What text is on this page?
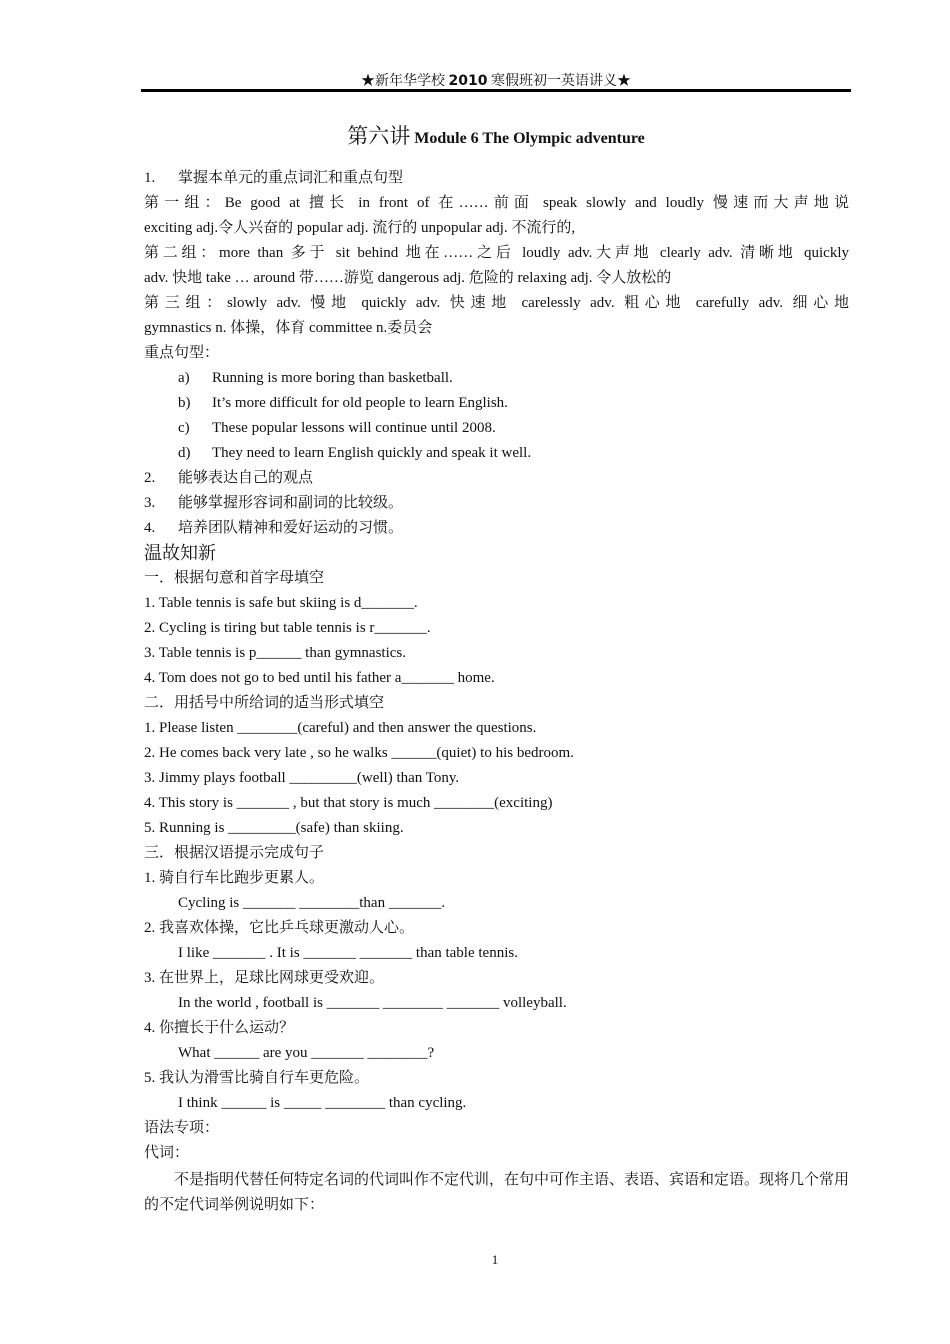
★新年华学校 2010 寒假班初一英语讲义★
第六讲 Module 6 The Olympic adventure
1. 掌握本单元的重点词汇和重点句型
第一组：Be good at 擅长 in front of 在……前面 speak slowly and loudly 慢速而大声地说
exciting adj.令人兴奋的 popular adj. 流行的 unpopular adj. 不流行的,
第二组：more than 多于 sit behind 地在……之后 loudly adv.大声地 clearly adv. 清晰地 quickly
adv. 快地 take … around 带……游览 dangerous adj. 危险的 relaxing adj. 令人放松的
第三组：slowly adv. 慢地 quickly adv. 快速地 carelessly adv. 粗心地 carefully adv. 细心地
gymnastics n. 体操，体育 committee n.委员会
重点句型：
a) Running is more boring than basketball.
b) It’s more difficult for old people to learn English.
c) These popular lessons will continue until 2008.
d) They need to learn English quickly and speak it well.
2. 能够表达自己的观点
3. 能够掌握形容词和副词的比较级。
4. 培养团队精神和爱好运动的习惯。
温故知新
一．根据句意和首字母填空
1. Table tennis is safe but skiing is d_______.
2. Cycling is tiring but table tennis is r_______.
3. Table tennis is p______ than gymnastics.
4. Tom does not go to bed until his father a_______ home.
二．用括号中所给词的适当形式填空
1. Please listen ________(careful) and then answer the questions.
2. He comes back very late , so he walks ______(quiet) to his bedroom.
3. Jimmy plays football _________(well) than Tony.
4. This story is _______ , but that story is much ________(exciting)
5. Running is _________(safe) than skiing.
三．根据汉语提示完成句子
1. 骑自行车比跑步更累人。
Cycling is _______ ________than _______.
2. 我喜欢体操，它比乒乓球更激动人心。
I like _______ . It is _______ _______ than table tennis.
3. 在世界上，足球比网球更受欢迎。
In the world , football is _______ ________ _______ volleyball.
4. 你擅长于什么运动？
What ______ are you _______ ________?
5. 我认为滑雪比骑自行车更危险。
I think ______ is _____ ________ than cycling.
语法专项：
代词：
不是指明代替任何特定名词的代词叫作不定代训，在句中可作主语、表语、宾语和定语。现将几个常用的不定代词举例说明如下：
1
